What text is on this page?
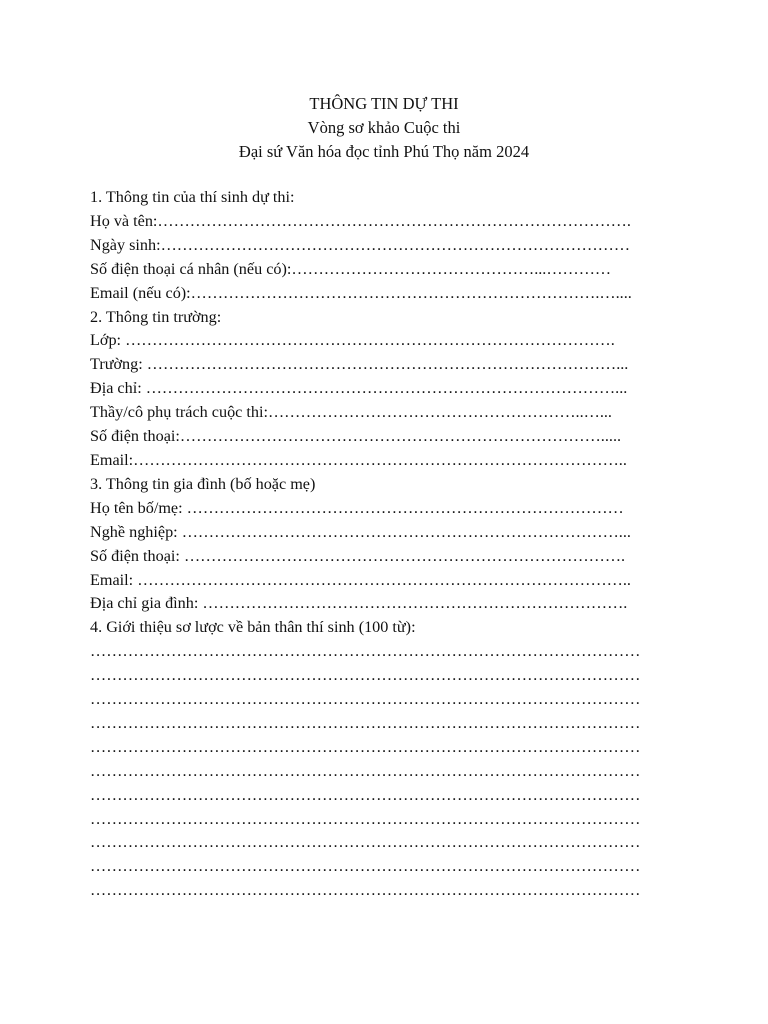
THÔNG TIN DỰ THI
Vòng sơ khảo Cuộc thi
Đại sứ Văn hóa đọc tỉnh Phú Thọ năm 2024
1. Thông tin của thí sinh dự thi:
Họ và tên:…………………………………………………………………………….
Ngày sinh:……………………………………………………………………………
Số điện thoại cá nhân (nếu có):………………………………………...…………
Email (nếu có):………………………………………………………………….…....
2. Thông tin trường:
Lớp: ……………………………………………………………………………….
Trường: ……………………………………………………………………………...
Địa chỉ: ……………………………………………………………………………...
Thầy/cô phụ trách cuộc thi:…………………………………………………..…...
Số điện thoại:…………………………………………………………………….....
Email:………………………………………………………………………………..
3. Thông tin gia đình (bố hoặc mẹ)
Họ tên bố/mẹ: ………………………………………………………………………
Nghề nghiệp: ………………………………………………………………………...
Số điện thoại: ……………………………………………………………………….
Email: ………………………………………………………………………………..
Địa chỉ gia đình: …………………………………………………………………….
4. Giới thiệu sơ lược về bản thân thí sinh (100 từ):
…………………………………………………………………………………………
…………………………………………………………………………………………
…………………………………………………………………………………………
…………………………………………………………………………………………
…………………………………………………………………………………………
…………………………………………………………………………………………
…………………………………………………………………………………………
…………………………………………………………………………………………
…………………………………………………………………………………………
…………………………………………………………………………………………
…………………………………………………………………………………………
